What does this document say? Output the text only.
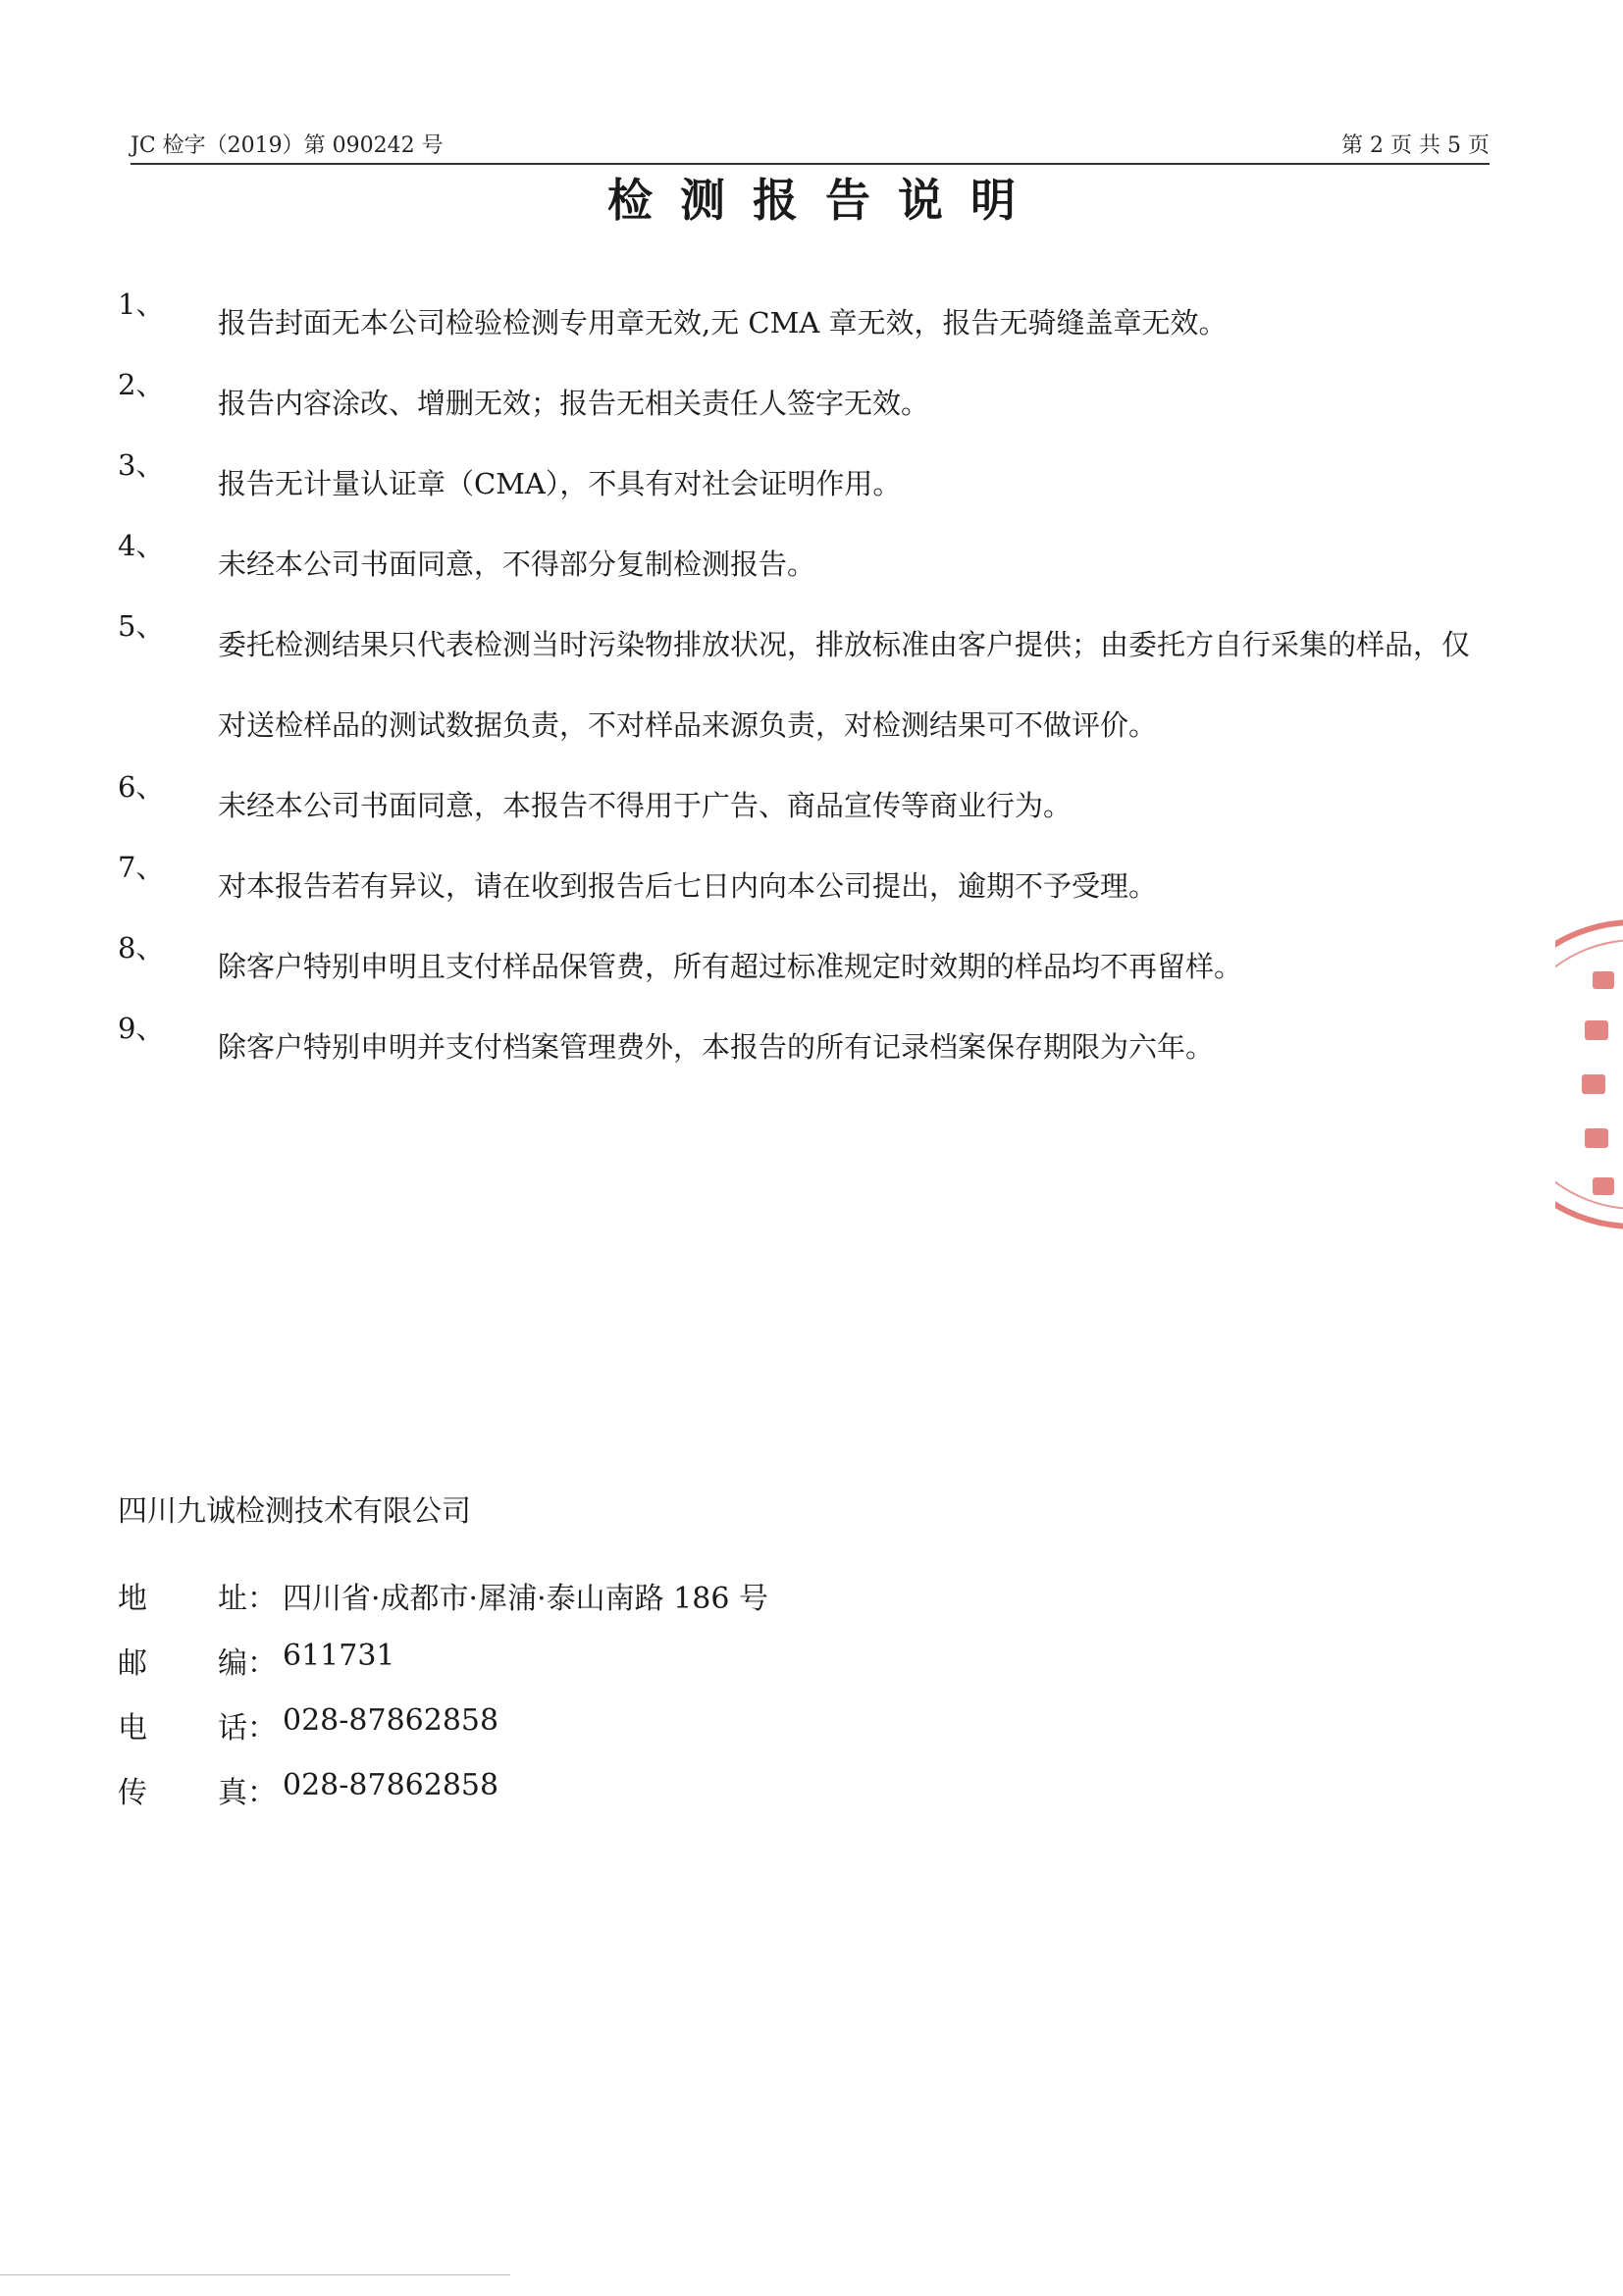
JC 检字（2019）第 090242 号	第 2 页 共 5 页
检测报告说明
1、
报告封面无本公司检验检测专用章无效,无 CMA 章无效，报告无骑缝盖章无效。
2、
报告内容涂改、增删无效；报告无相关责任人签字无效。
3、
报告无计量认证章（CMA），不具有对社会证明作用。
4、
未经本公司书面同意，不得部分复制检测报告。
5、
委托检测结果只代表检测当时污染物排放状况，排放标准由客户提供；由委托方自行采集的样品，仅对送检样品的测试数据负责，不对样品来源负责，对检测结果可不做评价。
6、
未经本公司书面同意，本报告不得用于广告、商品宣传等商业行为。
7、
对本报告若有异议，请在收到报告后七日内向本公司提出，逾期不予受理。
8、
除客户特别申明且支付样品保管费，所有超过标准规定时效期的样品均不再留样。
9、
除客户特别申明并支付档案管理费外，本报告的所有记录档案保存期限为六年。
四川九诚检测技术有限公司
地 址： 四川省·成都市·犀浦·泰山南路 186 号
邮 编： 611731
电 话： 028-87862858
传 真： 028-87862858
